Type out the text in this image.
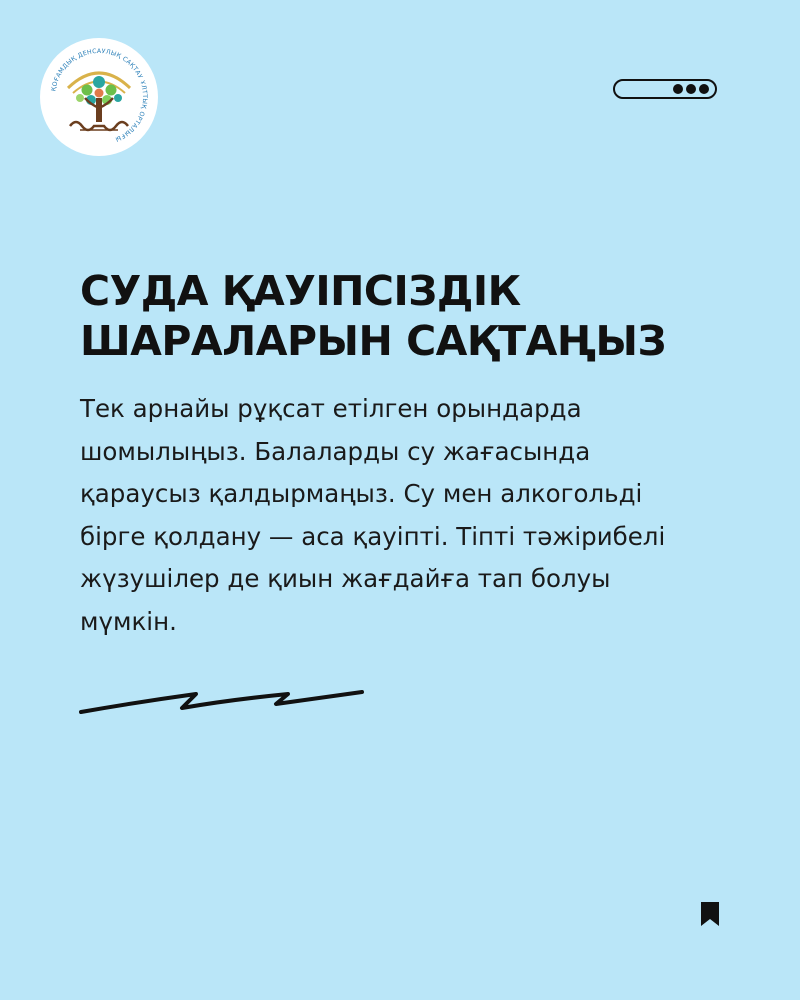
ҚОҒАМДЫҚ ДЕНСАУЛЫҚ САҚТАУ ҰЛТТЫҚ ОРТАЛЫҒЫ
СУДА ҚАУІПСІЗДІК
ШАРАЛАРЫН САҚТАҢЫЗ

Тек арнайы рұқсат етілген орындарда
шомылыңыз. Балаларды су жағасында
қараусыз қалдырмаңыз. Су мен алкогольді
бірге қолдану — аса қауіпті. Тіпті тәжірибелі
жүзушілер де қиын жағдайға тап болуы
мүмкін.
